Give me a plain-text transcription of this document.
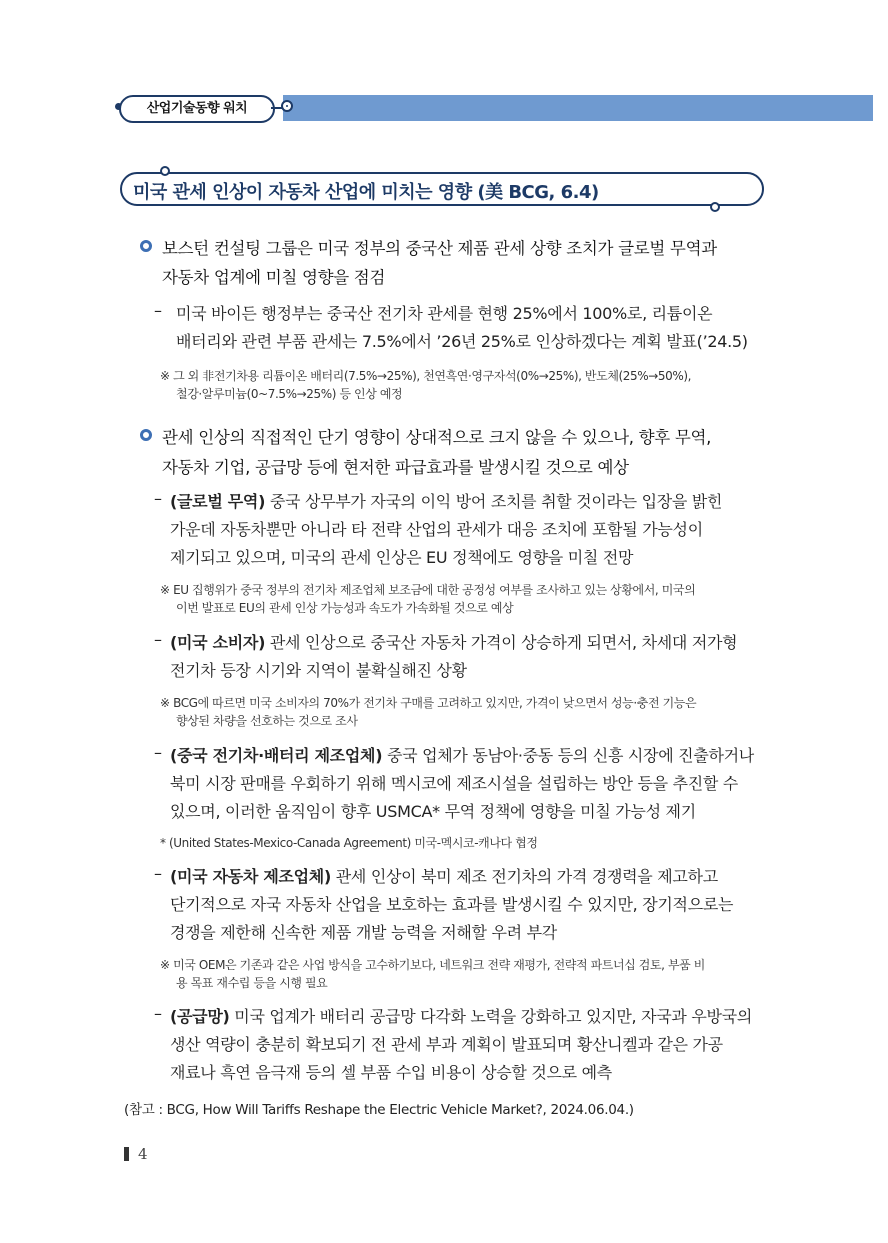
산업기술동향 워치
미국 관세 인상이 자동차 산업에 미치는 영향 (美 BCG, 6.4)
보스턴 컨설팅 그룹은 미국 정부의 중국산 제품 관세 상향 조치가 글로벌 무역과
자동차 업계에 미칠 영향을 점검
– 미국 바이든 행정부는 중국산 전기차 관세를 현행 25%에서 100%로, 리튬이온
배터리와 관련 부품 관세는 7.5%에서 ’26년 25%로 인상하겠다는 계획 발표(’24.5)
※ 그 외 非전기차용 리튬이온 배터리(7.5%→25%), 천연흑연·영구자석(0%→25%), 반도체(25%→50%),
철강·알루미늄(0~7.5%→25%) 등 인상 예정
관세 인상의 직접적인 단기 영향이 상대적으로 크지 않을 수 있으나, 향후 무역,
자동차 기업, 공급망 등에 현저한 파급효과를 발생시킬 것으로 예상
– (글로벌 무역) 중국 상무부가 자국의 이익 방어 조치를 취할 것이라는 입장을 밝힌
가운데 자동차뿐만 아니라 타 전략 산업의 관세가 대응 조치에 포함될 가능성이
제기되고 있으며, 미국의 관세 인상은 EU 정책에도 영향을 미칠 전망
※ EU 집행위가 중국 정부의 전기차 제조업체 보조금에 대한 공정성 여부를 조사하고 있는 상황에서, 미국의
이번 발표로 EU의 관세 인상 가능성과 속도가 가속화될 것으로 예상
– (미국 소비자) 관세 인상으로 중국산 자동차 가격이 상승하게 되면서, 차세대 저가형
전기차 등장 시기와 지역이 불확실해진 상황
※ BCG에 따르면 미국 소비자의 70%가 전기차 구매를 고려하고 있지만, 가격이 낮으면서 성능·충전 기능은
향상된 차량을 선호하는 것으로 조사
– (중국 전기차·배터리 제조업체) 중국 업체가 동남아·중동 등의 신흥 시장에 진출하거나
북미 시장 판매를 우회하기 위해 멕시코에 제조시설을 설립하는 방안 등을 추진할 수
있으며, 이러한 움직임이 향후 USMCA* 무역 정책에 영향을 미칠 가능성 제기
* (United States-Mexico-Canada Agreement) 미국-멕시코-캐나다 협정
– (미국 자동차 제조업체) 관세 인상이 북미 제조 전기차의 가격 경쟁력을 제고하고
단기적으로 자국 자동차 산업을 보호하는 효과를 발생시킬 수 있지만, 장기적으로는
경쟁을 제한해 신속한 제품 개발 능력을 저해할 우려 부각
※ 미국 OEM은 기존과 같은 사업 방식을 고수하기보다, 네트워크 전략 재평가, 전략적 파트너십 검토, 부품 비
용 목표 재수립 등을 시행 필요
– (공급망) 미국 업계가 배터리 공급망 다각화 노력을 강화하고 있지만, 자국과 우방국의
생산 역량이 충분히 확보되기 전 관세 부과 계획이 발표되며 황산니켈과 같은 가공
재료나 흑연 음극재 등의 셀 부품 수입 비용이 상승할 것으로 예측
(참고 : BCG, How Will Tariffs Reshape the Electric Vehicle Market?, 2024.06.04.)
4
